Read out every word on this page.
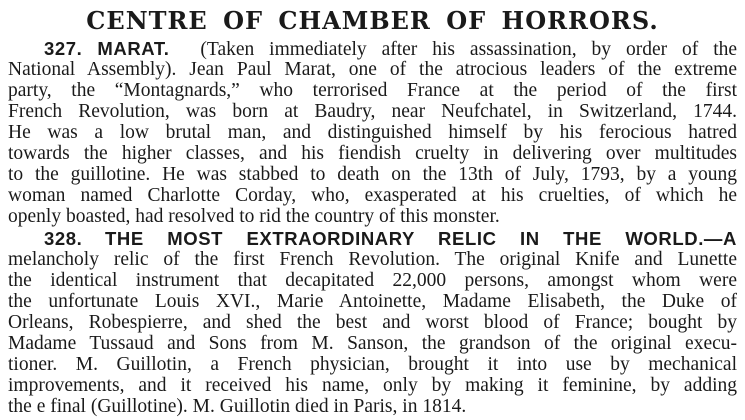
CENTRE OF CHAMBER OF HORRORS.
327. MARAT. (Taken immediately after his assassination, by order of the
National Assembly). Jean Paul Marat, one of the atrocious leaders of the extreme
party, the “Montagnards,” who terrorised France at the period of the first
French Revolution, was born at Baudry, near Neufchatel, in Switzerland, 1744.
He was a low brutal man, and distinguished himself by his ferocious hatred
towards the higher classes, and his fiendish cruelty in delivering over multitudes
to the guillotine. He was stabbed to death on the 13th of July, 1793, by a young
woman named Charlotte Corday, who, exasperated at his cruelties, of which he
openly boasted, had resolved to rid the country of this monster.
328. THE MOST EXTRAORDINARY RELIC IN THE WORLD.—A
melancholy relic of the first French Revolution. The original Knife and Lunette
the identical instrument that decapitated 22,000 persons, amongst whom were
the unfortunate Louis XVI., Marie Antoinette, Madame Elisabeth, the Duke of
Orleans, Robespierre, and shed the best and worst blood of France; bought by
Madame Tussaud and Sons from M. Sanson, the grandson of the original execu-
tioner. M. Guillotin, a French physician, brought it into use by mechanical
improvements, and it received his name, only by making it feminine, by adding
the e final (Guillotine). M. Guillotin died in Paris, in 1814.
